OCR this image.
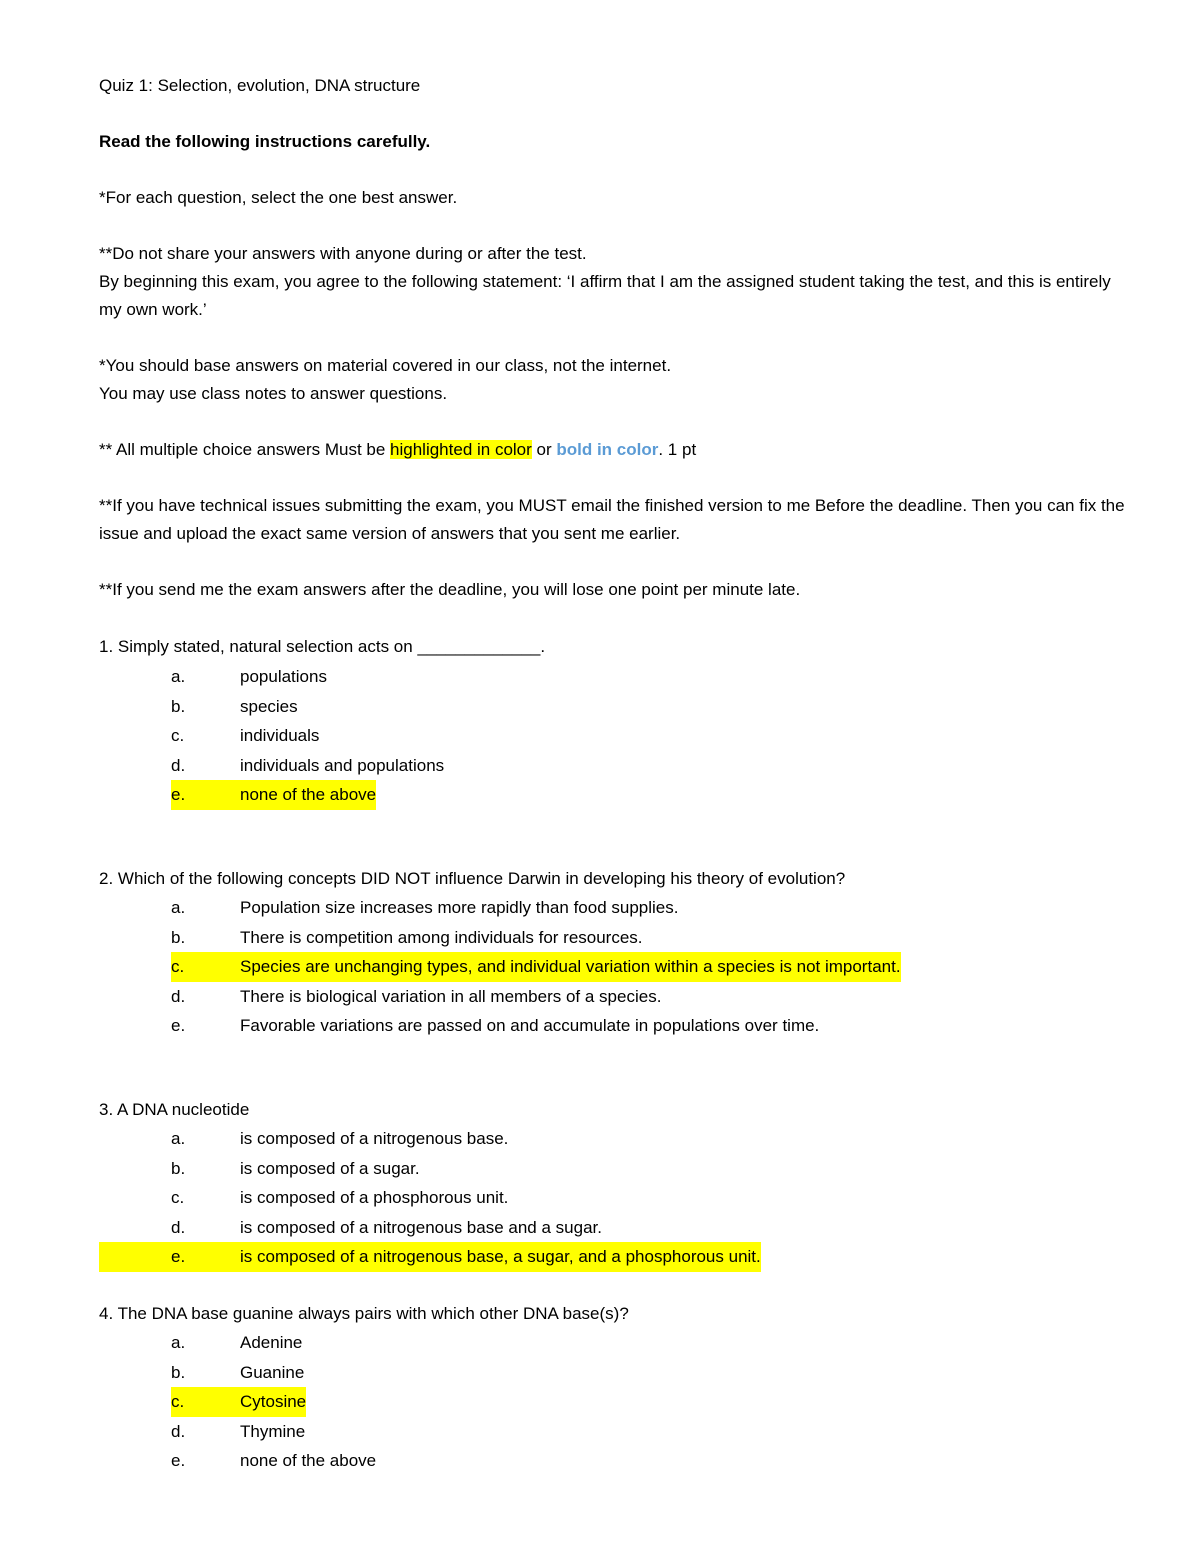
Quiz 1: Selection, evolution, DNA structure
Read the following instructions carefully.
*For each question, select the one best answer.
**Do not share your answers with anyone during or after the test.
By beginning this exam, you agree to the following statement: ‘I affirm that I am the assigned student taking the test, and this is entirely my own work.’
*You should base answers on material covered in our class, not the internet.
You may use class notes to answer questions.
** All multiple choice answers Must be highlighted in color or bold in color. 1 pt
**If you have technical issues submitting the exam, you MUST email the finished version to me Before the deadline. Then you can fix the issue and upload the exact same version of answers that you sent me earlier.
**If you send me the exam answers after the deadline, you will lose one point per minute late.
1. Simply stated, natural selection acts on _____________.
a.	populations
b.	species
c.	individuals
d.	individuals and populations
e.	none of the above
2. Which of the following concepts DID NOT influence Darwin in developing his theory of evolution?
a.	Population size increases more rapidly than food supplies.
b.	There is competition among individuals for resources.
c.	Species are unchanging types, and individual variation within a species is not important.
d.	There is biological variation in all members of a species.
e.	Favorable variations are passed on and accumulate in populations over time.
3. A DNA nucleotide
a.	is composed of a nitrogenous base.
b.	is composed of a sugar.
c.	is composed of a phosphorous unit.
d.	is composed of a nitrogenous base and a sugar.
e.	is composed of a nitrogenous base, a sugar, and a phosphorous unit.
4. The DNA base guanine always pairs with which other DNA base(s)?
a.	Adenine
b.	Guanine
c.	Cytosine
d.	Thymine
e.	none of the above
